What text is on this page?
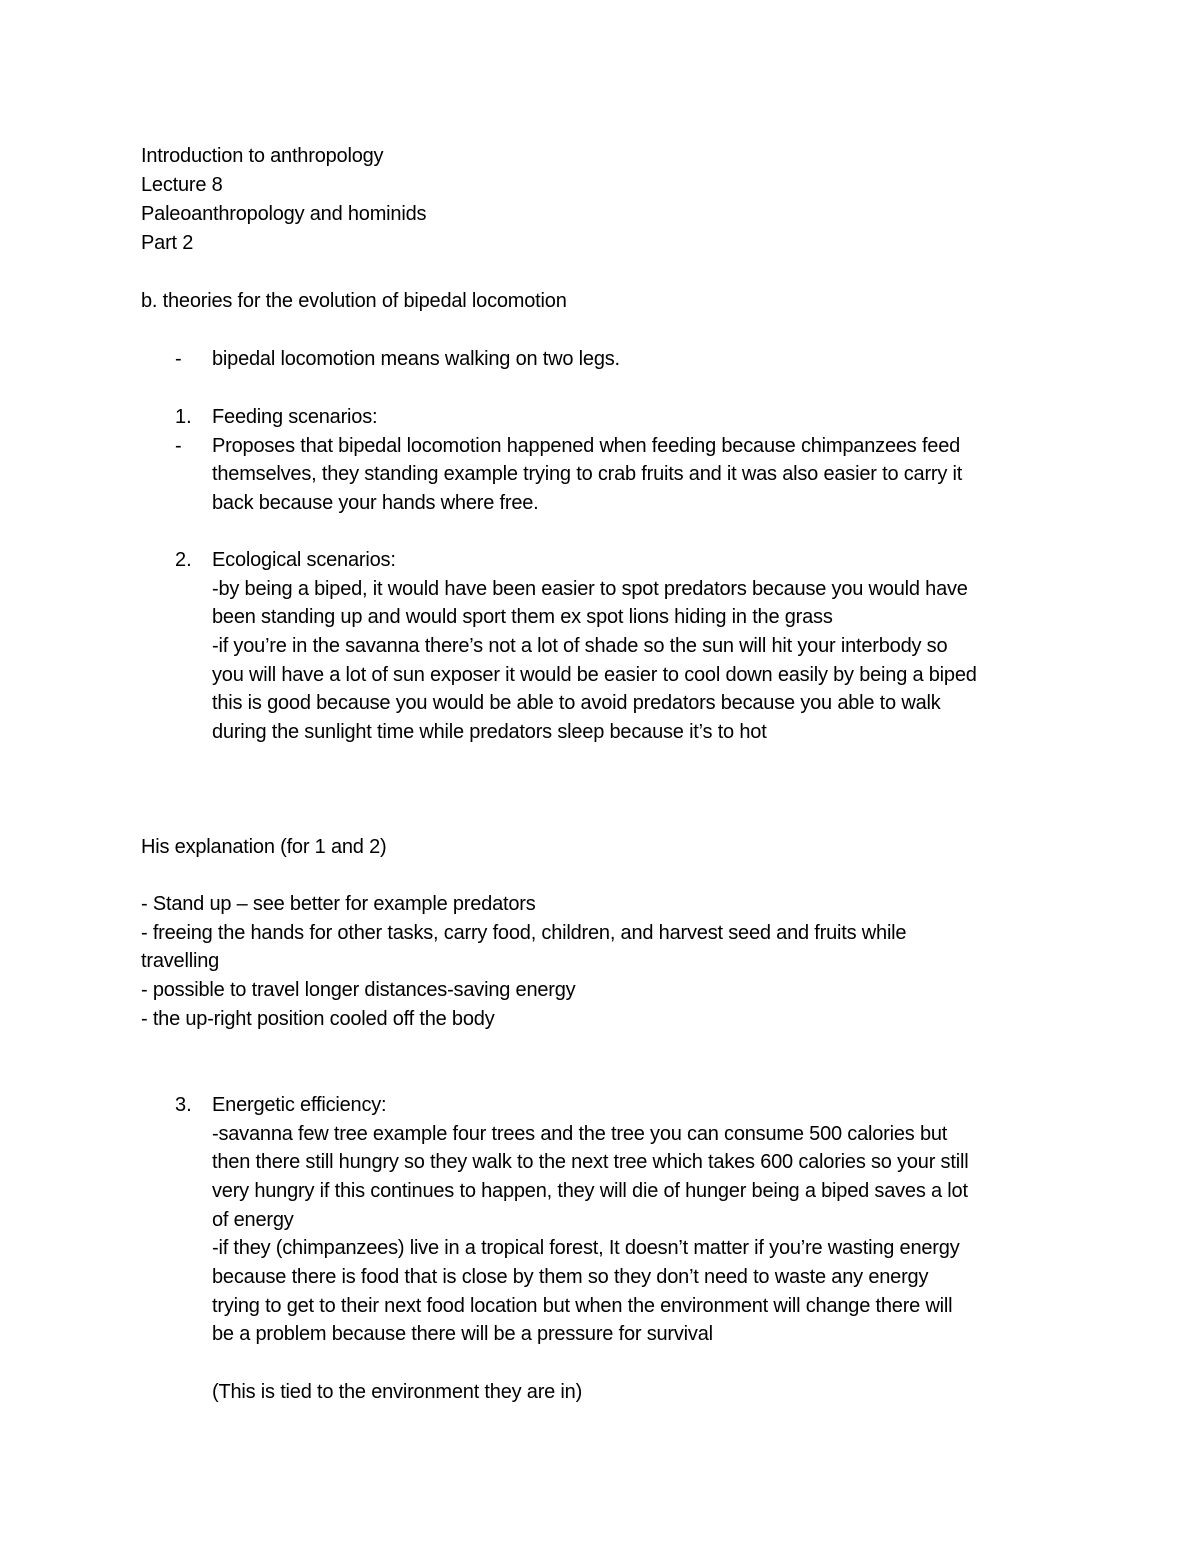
Introduction to anthropology
Lecture 8
Paleoanthropology and hominids
Part 2
b. theories for the evolution of bipedal locomotion
- bipedal locomotion means walking on two legs.
1. Feeding scenarios:
- Proposes that bipedal locomotion happened when feeding because chimpanzees feed
themselves, they standing example trying to crab fruits and it was also easier to carry it
back because your hands where free.
2. Ecological scenarios:
-by being a biped, it would have been easier to spot predators because you would have
been standing up and would sport them ex spot lions hiding in the grass
-if you’re in the savanna there’s not a lot of shade so the sun will hit your interbody so
you will have a lot of sun exposer it would be easier to cool down easily by being a biped
this is good because you would be able to avoid predators because you able to walk
during the sunlight time while predators sleep because it’s to hot
His explanation (for 1 and 2)
- Stand up – see better for example predators
- freeing the hands for other tasks, carry food, children, and harvest seed and fruits while
travelling
- possible to travel longer distances-saving energy
- the up-right position cooled off the body
3. Energetic efficiency:
-savanna few tree example four trees and the tree you can consume 500 calories but
then there still hungry so they walk to the next tree which takes 600 calories so your still
very hungry if this continues to happen, they will die of hunger being a biped saves a lot
of energy
-if they (chimpanzees) live in a tropical forest, It doesn’t matter if you’re wasting energy
because there is food that is close by them so they don’t need to waste any energy
trying to get to their next food location but when the environment will change there will
be a problem because there will be a pressure for survival
(This is tied to the environment they are in)
